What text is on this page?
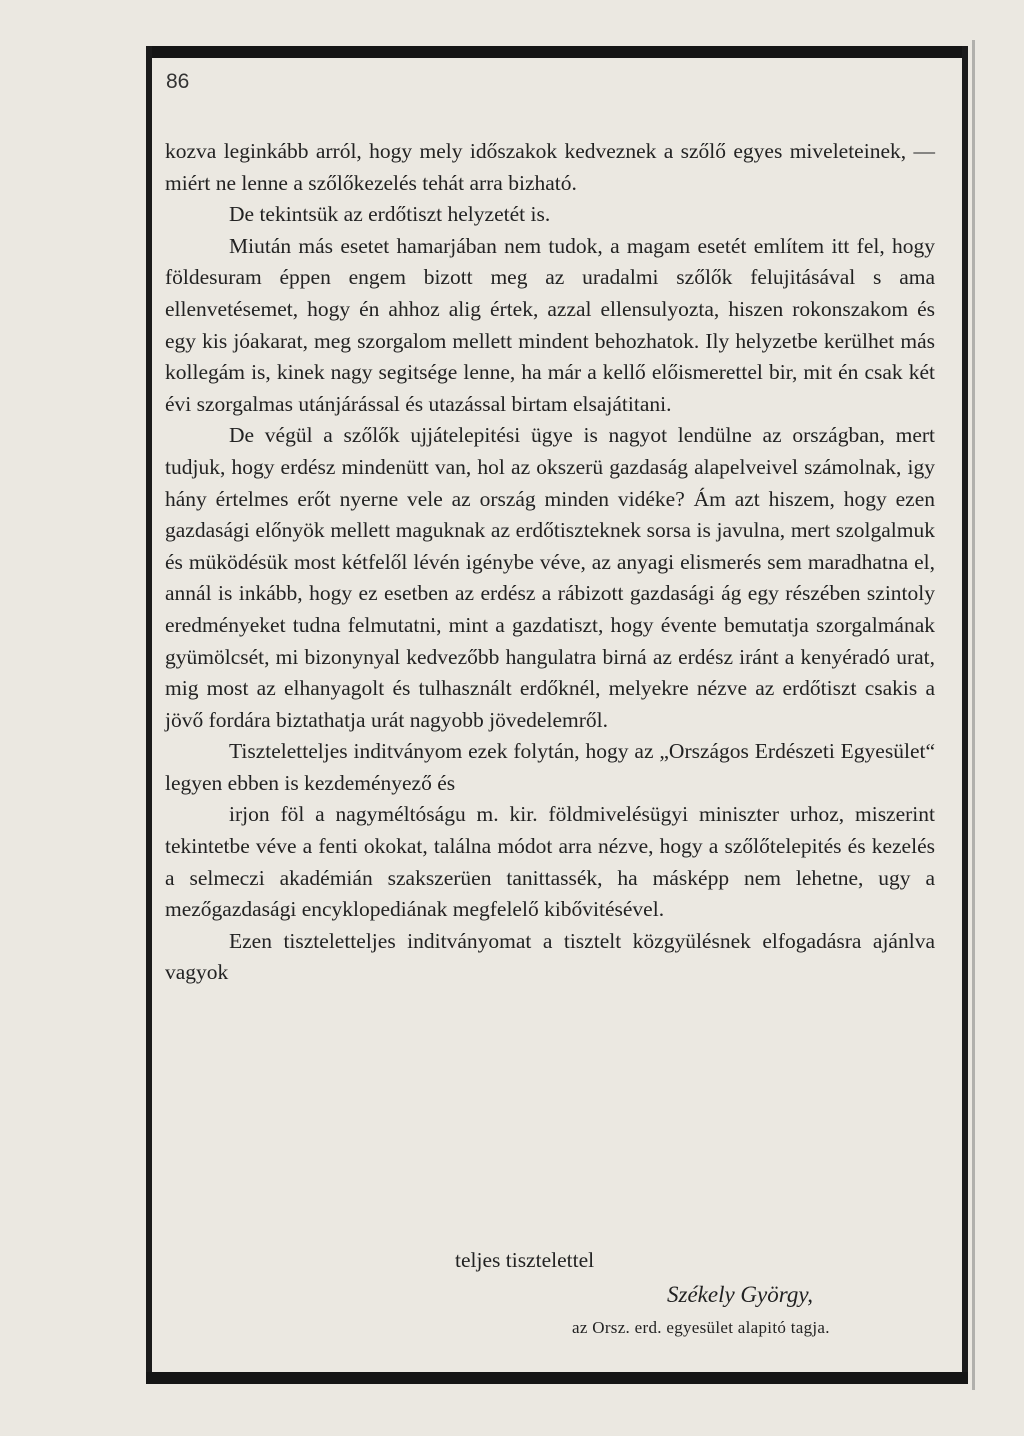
86

kozva leginkább arról, hogy mely időszakok kedveznek a szőlő egyes miveleteinek, — miért ne lenne a szőlőkezelés tehát arra bizható.

De tekintsük az erdőtiszt helyzetét is.

Miután más esetet hamarjában nem tudok, a magam esetét említem itt fel, hogy földesuram éppen engem bizott meg az uradalmi szőlők felujitásával s ama ellenvetésemet, hogy én ahhoz alig értek, azzal ellensulyozta, hiszen rokonszakom és egy kis jóakarat, meg szorgalom mellett mindent behozhatok. Ily helyzetbe kerülhet más kollegám is, kinek nagy segitsége lenne, ha már a kellő előismerettel bir, mit én csak két évi szorgalmas utánjárással és utazással birtam elsajátitani.

De végül a szőlők ujjátelepitési ügye is nagyot lendülne az országban, mert tudjuk, hogy erdész mindenütt van, hol az okszerü gazdaság alapelveivel számolnak, igy hány értelmes erőt nyerne vele az ország minden vidéke? Ám azt hiszem, hogy ezen gazdasági előnyök mellett maguknak az erdőtiszteknek sorsa is javulna, mert szolgalmuk és müködésük most kétfelől lévén igénybe véve, az anyagi elismerés sem maradhatna el, annál is inkább, hogy ez esetben az erdész a rábizott gazdasági ág egy részében szintoly eredményeket tudna felmutatni, mint a gazdatiszt, hogy évente bemutatja szorgalmának gyümölcsét, mi bizonynyal kedvezőbb hangulatra birná az erdész iránt a kenyéradó urat, mig most az elhanyagolt és tulhasznált erdőknél, melyekre nézve az erdőtiszt csakis a jövő fordára biztathatja urát nagyobb jövedelemről.

Tiszteletteljes inditványom ezek folytán, hogy az „Országos Erdészeti Egyesület“ legyen ebben is kezdeményező és

irjon föl a nagyméltóságu m. kir. földmivelésügyi miniszter urhoz, miszerint tekintetbe véve a fenti okokat, találna módot arra nézve, hogy a szőlőtelepités és kezelés a selmeczi akadémián szakszerüen tanittassék, ha másképp nem lehetne, ugy a mezőgazdasági encyklopediának megfelelő kibővitésével.

Ezen tiszteletteljes inditványomat a tisztelt közgyülésnek elfogadásra ajánlva vagyok

teljes tisztelettel
Székely György,
az Orsz. erd. egyesület alapitó tagja.
